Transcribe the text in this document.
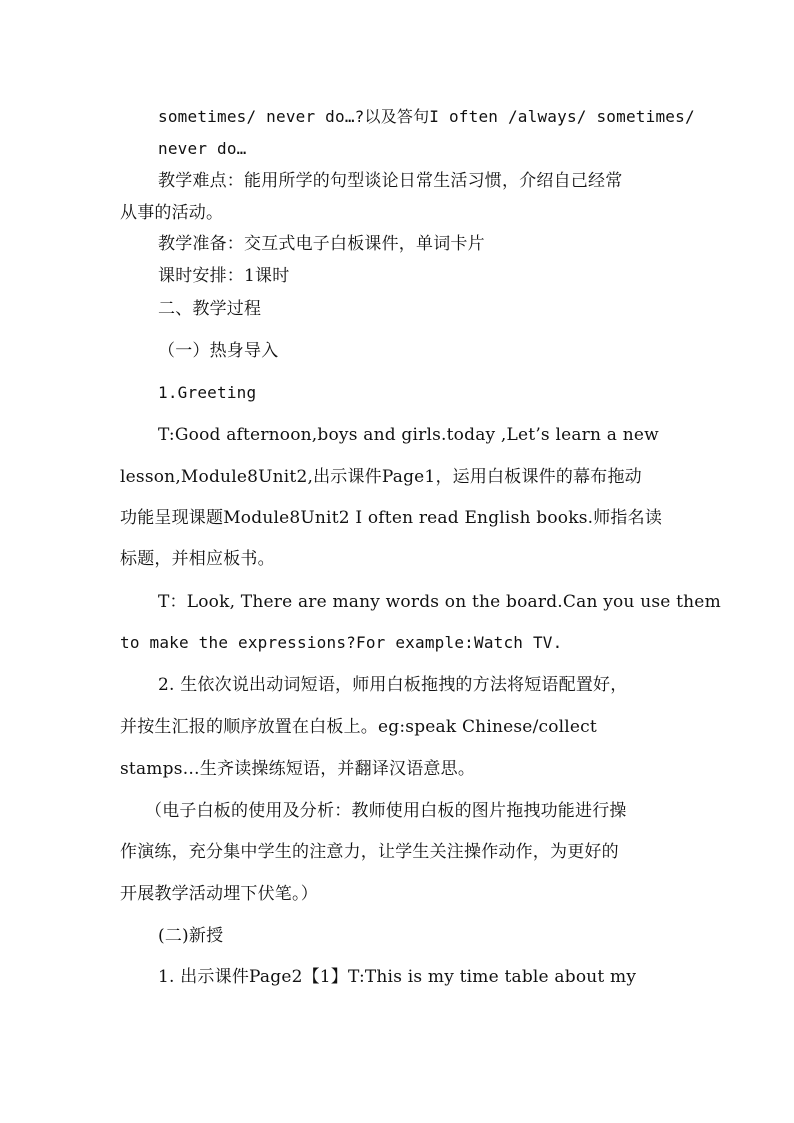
sometimes/ never do…?以及答句I often /always/ sometimes/
never do…
教学难点：能用所学的句型谈论日常生活习惯，介绍自己经常
从事的活动。
教学准备：交互式电子白板课件，单词卡片
课时安排：1课时
二、教学过程
（一）热身导入
1.Greeting
T:Good afternoon,boys and girls.today ,Let’s learn a new
lesson,Module8Unit2,出示课件Page1，运用白板课件的幕布拖动
功能呈现课题Module8Unit2 I often read English books.师指名读
标题，并相应板书。
T：Look, There are many words on the board.Can you use them
to make the expressions?For example:Watch TV.
2. 生依次说出动词短语，师用白板拖拽的方法将短语配置好，
并按生汇报的顺序放置在白板上。eg:speak Chinese/collect
stamps…生齐读操练短语，并翻译汉语意思。
（电子白板的使用及分析：教师使用白板的图片拖拽功能进行操
作演练，充分集中学生的注意力，让学生关注操作动作，为更好的
开展教学活动埋下伏笔。）
(二)新授
1. 出示课件Page2【1】T:This is my time table about my
